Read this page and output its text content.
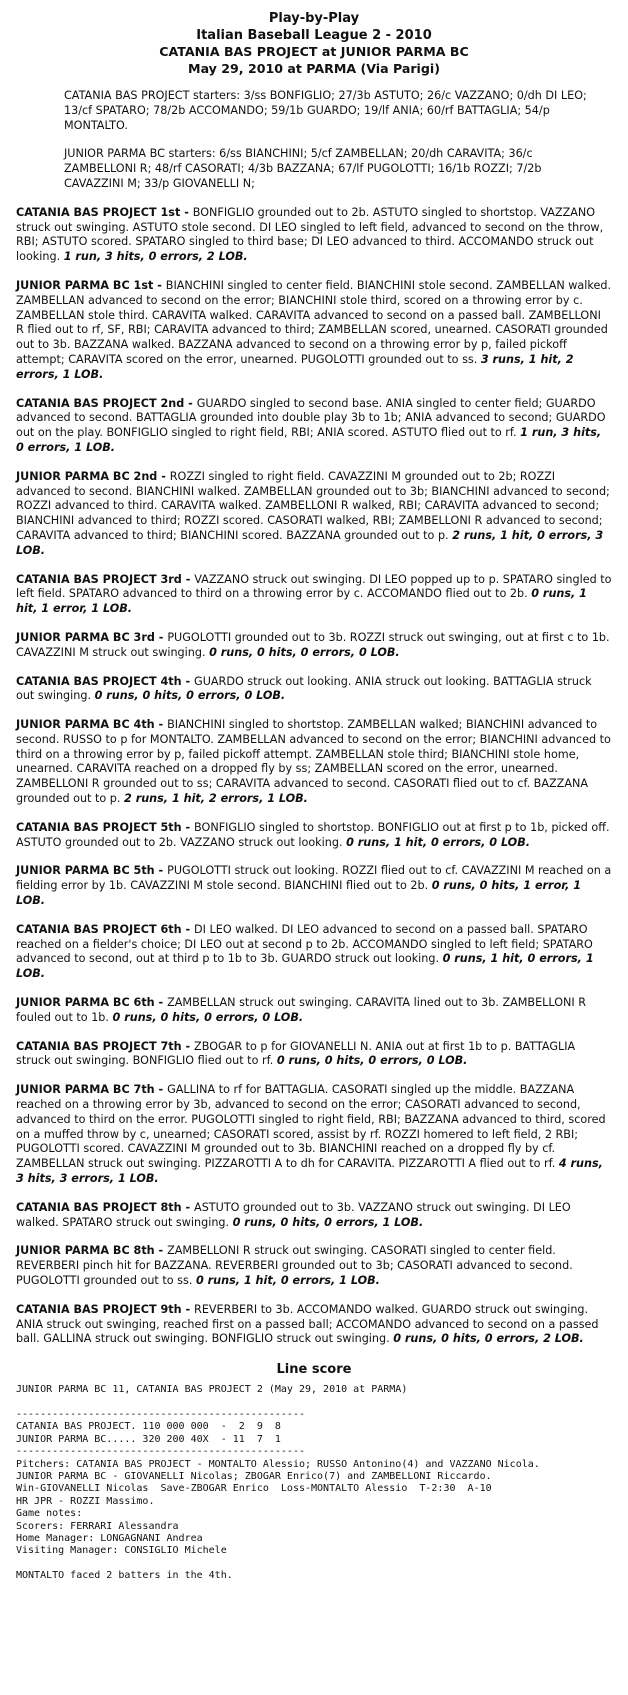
Play-by-Play
Italian Baseball League 2 - 2010
CATANIA BAS PROJECT at JUNIOR PARMA BC
May 29, 2010 at PARMA (Via Parigi)

CATANIA BAS PROJECT starters: 3/ss BONFIGLIO; 27/3b ASTUTO; 26/c VAZZANO; 0/dh DI LEO; 13/cf SPATARO; 78/2b ACCOMANDO; 59/1b GUARDO; 19/lf ANIA; 60/rf BATTAGLIA; 54/p MONTALTO.

JUNIOR PARMA BC starters: 6/ss BIANCHINI; 5/cf ZAMBELLAN; 20/dh CARAVITA; 36/c ZAMBELLONI R; 48/rf CASORATI; 4/3b BAZZANA; 67/lf PUGOLOTTI; 16/1b ROZZI; 7/2b CAVAZZINI M; 33/p GIOVANELLI N;

CATANIA BAS PROJECT 1st - BONFIGLIO grounded out to 2b. ASTUTO singled to shortstop. VAZZANO struck out swinging. ASTUTO stole second. DI LEO singled to left field, advanced to second on the throw, RBI; ASTUTO scored. SPATARO singled to third base; DI LEO advanced to third. ACCOMANDO struck out looking. 1 run, 3 hits, 0 errors, 2 LOB.

JUNIOR PARMA BC 1st - BIANCHINI singled to center field. BIANCHINI stole second. ZAMBELLAN walked. ZAMBELLAN advanced to second on the error; BIANCHINI stole third, scored on a throwing error by c. ZAMBELLAN stole third. CARAVITA walked. CARAVITA advanced to second on a passed ball. ZAMBELLONI R flied out to rf, SF, RBI; CARAVITA advanced to third; ZAMBELLAN scored, unearned. CASORATI grounded out to 3b. BAZZANA walked. BAZZANA advanced to second on a throwing error by p, failed pickoff attempt; CARAVITA scored on the error, unearned. PUGOLOTTI grounded out to ss. 3 runs, 1 hit, 2 errors, 1 LOB.

CATANIA BAS PROJECT 2nd - GUARDO singled to second base. ANIA singled to center field; GUARDO advanced to second. BATTAGLIA grounded into double play 3b to 1b; ANIA advanced to second; GUARDO out on the play. BONFIGLIO singled to right field, RBI; ANIA scored. ASTUTO flied out to rf. 1 run, 3 hits, 0 errors, 1 LOB.

JUNIOR PARMA BC 2nd - ROZZI singled to right field. CAVAZZINI M grounded out to 2b; ROZZI advanced to second. BIANCHINI walked. ZAMBELLAN grounded out to 3b; BIANCHINI advanced to second; ROZZI advanced to third. CARAVITA walked. ZAMBELLONI R walked, RBI; CARAVITA advanced to second; BIANCHINI advanced to third; ROZZI scored. CASORATI walked, RBI; ZAMBELLONI R advanced to second; CARAVITA advanced to third; BIANCHINI scored. BAZZANA grounded out to p. 2 runs, 1 hit, 0 errors, 3 LOB.

CATANIA BAS PROJECT 3rd - VAZZANO struck out swinging. DI LEO popped up to p. SPATARO singled to left field. SPATARO advanced to third on a throwing error by c. ACCOMANDO flied out to 2b. 0 runs, 1 hit, 1 error, 1 LOB.

JUNIOR PARMA BC 3rd - PUGOLOTTI grounded out to 3b. ROZZI struck out swinging, out at first c to 1b. CAVAZZINI M struck out swinging. 0 runs, 0 hits, 0 errors, 0 LOB.

CATANIA BAS PROJECT 4th - GUARDO struck out looking. ANIA struck out looking. BATTAGLIA struck out swinging. 0 runs, 0 hits, 0 errors, 0 LOB.

JUNIOR PARMA BC 4th - BIANCHINI singled to shortstop. ZAMBELLAN walked; BIANCHINI advanced to second. RUSSO to p for MONTALTO. ZAMBELLAN advanced to second on the error; BIANCHINI advanced to third on a throwing error by p, failed pickoff attempt. ZAMBELLAN stole third; BIANCHINI stole home, unearned. CARAVITA reached on a dropped fly by ss; ZAMBELLAN scored on the error, unearned. ZAMBELLONI R grounded out to ss; CARAVITA advanced to second. CASORATI flied out to cf. BAZZANA grounded out to p. 2 runs, 1 hit, 2 errors, 1 LOB.

CATANIA BAS PROJECT 5th - BONFIGLIO singled to shortstop. BONFIGLIO out at first p to 1b, picked off. ASTUTO grounded out to 2b. VAZZANO struck out looking. 0 runs, 1 hit, 0 errors, 0 LOB.

JUNIOR PARMA BC 5th - PUGOLOTTI struck out looking. ROZZI flied out to cf. CAVAZZINI M reached on a fielding error by 1b. CAVAZZINI M stole second. BIANCHINI flied out to 2b. 0 runs, 0 hits, 1 error, 1 LOB.

CATANIA BAS PROJECT 6th - DI LEO walked. DI LEO advanced to second on a passed ball. SPATARO reached on a fielder's choice; DI LEO out at second p to 2b. ACCOMANDO singled to left field; SPATARO advanced to second, out at third p to 1b to 3b. GUARDO struck out looking. 0 runs, 1 hit, 0 errors, 1 LOB.

JUNIOR PARMA BC 6th - ZAMBELLAN struck out swinging. CARAVITA lined out to 3b. ZAMBELLONI R fouled out to 1b. 0 runs, 0 hits, 0 errors, 0 LOB.

CATANIA BAS PROJECT 7th - ZBOGAR to p for GIOVANELLI N. ANIA out at first 1b to p. BATTAGLIA struck out swinging. BONFIGLIO flied out to rf. 0 runs, 0 hits, 0 errors, 0 LOB.

JUNIOR PARMA BC 7th - GALLINA to rf for BATTAGLIA. CASORATI singled up the middle. BAZZANA reached on a throwing error by 3b, advanced to second on the error; CASORATI advanced to second, advanced to third on the error. PUGOLOTTI singled to right field, RBI; BAZZANA advanced to third, scored on a muffed throw by c, unearned; CASORATI scored, assist by rf. ROZZI homered to left field, 2 RBI; PUGOLOTTI scored. CAVAZZINI M grounded out to 3b. BIANCHINI reached on a dropped fly by cf. ZAMBELLAN struck out swinging. PIZZAROTTI A to dh for CARAVITA. PIZZAROTTI A flied out to rf. 4 runs, 3 hits, 3 errors, 1 LOB.

CATANIA BAS PROJECT 8th - ASTUTO grounded out to 3b. VAZZANO struck out swinging. DI LEO walked. SPATARO struck out swinging. 0 runs, 0 hits, 0 errors, 1 LOB.

JUNIOR PARMA BC 8th - ZAMBELLONI R struck out swinging. CASORATI singled to center field. REVERBERI pinch hit for BAZZANA. REVERBERI grounded out to 3b; CASORATI advanced to second. PUGOLOTTI grounded out to ss. 0 runs, 1 hit, 0 errors, 1 LOB.

CATANIA BAS PROJECT 9th - REVERBERI to 3b. ACCOMANDO walked. GUARDO struck out swinging. ANIA struck out swinging, reached first on a passed ball; ACCOMANDO advanced to second on a passed ball. GALLINA struck out swinging. BONFIGLIO struck out swinging. 0 runs, 0 hits, 0 errors, 2 LOB.

Line score
JUNIOR PARMA BC 11, CATANIA BAS PROJECT 2 (May 29, 2010 at PARMA)

------------------------------------------------
CATANIA BAS PROJECT. 110 000 000  -  2  9  8
JUNIOR PARMA BC..... 320 200 40X  - 11  7  1
------------------------------------------------
Pitchers: CATANIA BAS PROJECT - MONTALTO Alessio; RUSSO Antonino(4) and VAZZANO Nicola.
JUNIOR PARMA BC - GIOVANELLI Nicolas; ZBOGAR Enrico(7) and ZAMBELLONI Riccardo.
Win-GIOVANELLI Nicolas  Save-ZBOGAR Enrico  Loss-MONTALTO Alessio  T-2:30  A-10
HR JPR - ROZZI Massimo.
Game notes:
Scorers: FERRARI Alessandra
Home Manager: LONGAGNANI Andrea
Visiting Manager: CONSIGLIO Michele

MONTALTO faced 2 batters in the 4th.
